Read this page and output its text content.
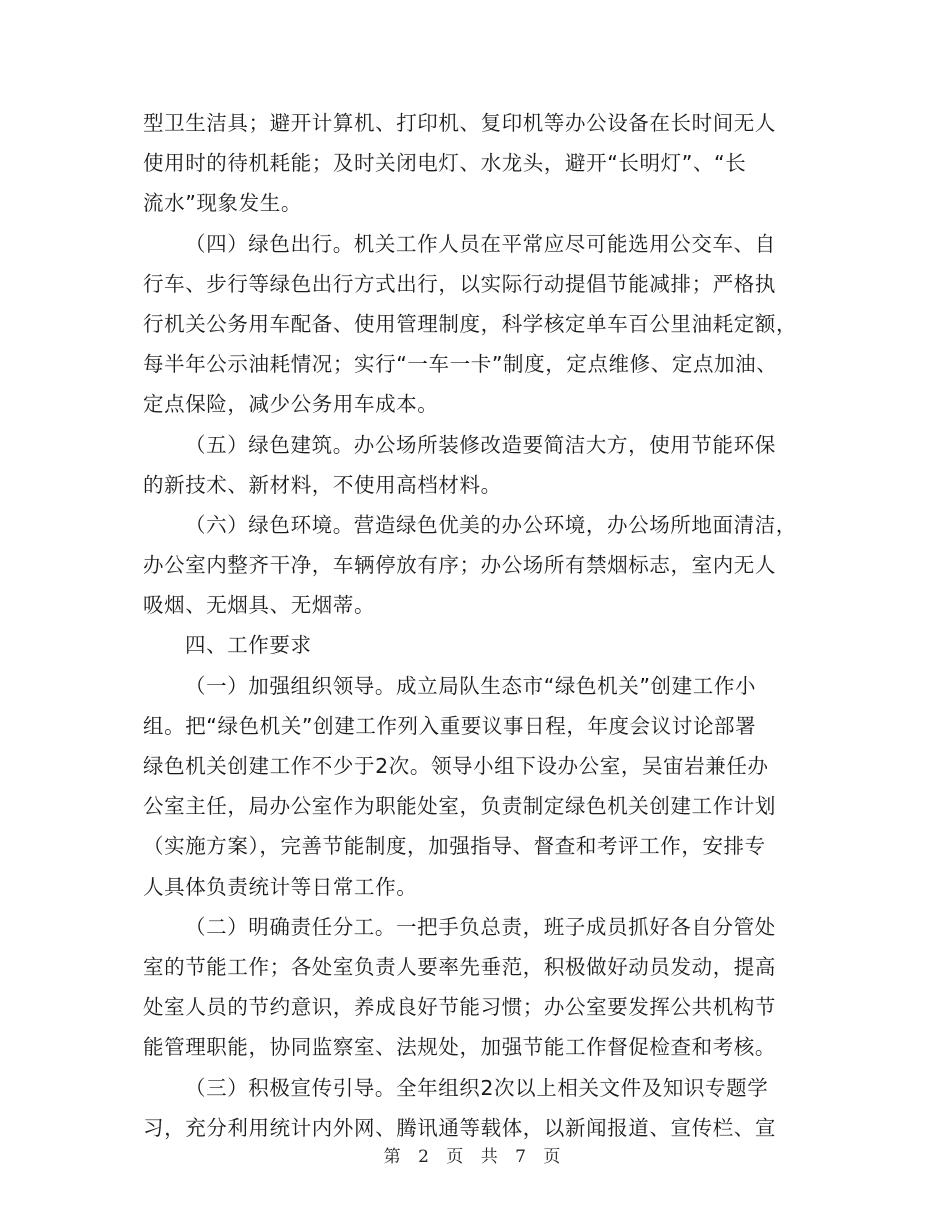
型卫生洁具；避开计算机、打印机、复印机等办公设备在长时间无人
使用时的待机耗能；及时关闭电灯、水龙头，避开“长明灯”、“长
流水”现象发生。
（四）绿色出行。机关工作人员在平常应尽可能选用公交车、自
行车、步行等绿色出行方式出行，以实际行动提倡节能减排；严格执
行机关公务用车配备、使用管理制度，科学核定单车百公里油耗定额，
每半年公示油耗情况；实行“一车一卡”制度，定点维修、定点加油、
定点保险，减少公务用车成本。
（五）绿色建筑。办公场所装修改造要简洁大方，使用节能环保
的新技术、新材料，不使用高档材料。
（六）绿色环境。营造绿色优美的办公环境，办公场所地面清洁，
办公室内整齐干净，车辆停放有序；办公场所有禁烟标志，室内无人
吸烟、无烟具、无烟蒂。
四、工作要求
（一）加强组织领导。成立局队生态市“绿色机关”创建工作小
组。把“绿色机关”创建工作列入重要议事日程，年度会议讨论部署
绿色机关创建工作不少于2次。领导小组下设办公室，吴宙岩兼任办
公室主任，局办公室作为职能处室，负责制定绿色机关创建工作计划
（实施方案），完善节能制度，加强指导、督查和考评工作，安排专
人具体负责统计等日常工作。
（二）明确责任分工。一把手负总责，班子成员抓好各自分管处
室的节能工作；各处室负责人要率先垂范，积极做好动员发动，提高
处室人员的节约意识，养成良好节能习惯；办公室要发挥公共机构节
能管理职能，协同监察室、法规处，加强节能工作督促检查和考核。
（三）积极宣传引导。全年组织2次以上相关文件及知识专题学
习，充分利用统计内外网、腾讯通等载体，以新闻报道、宣传栏、宣
第 2 页 共 7 页
